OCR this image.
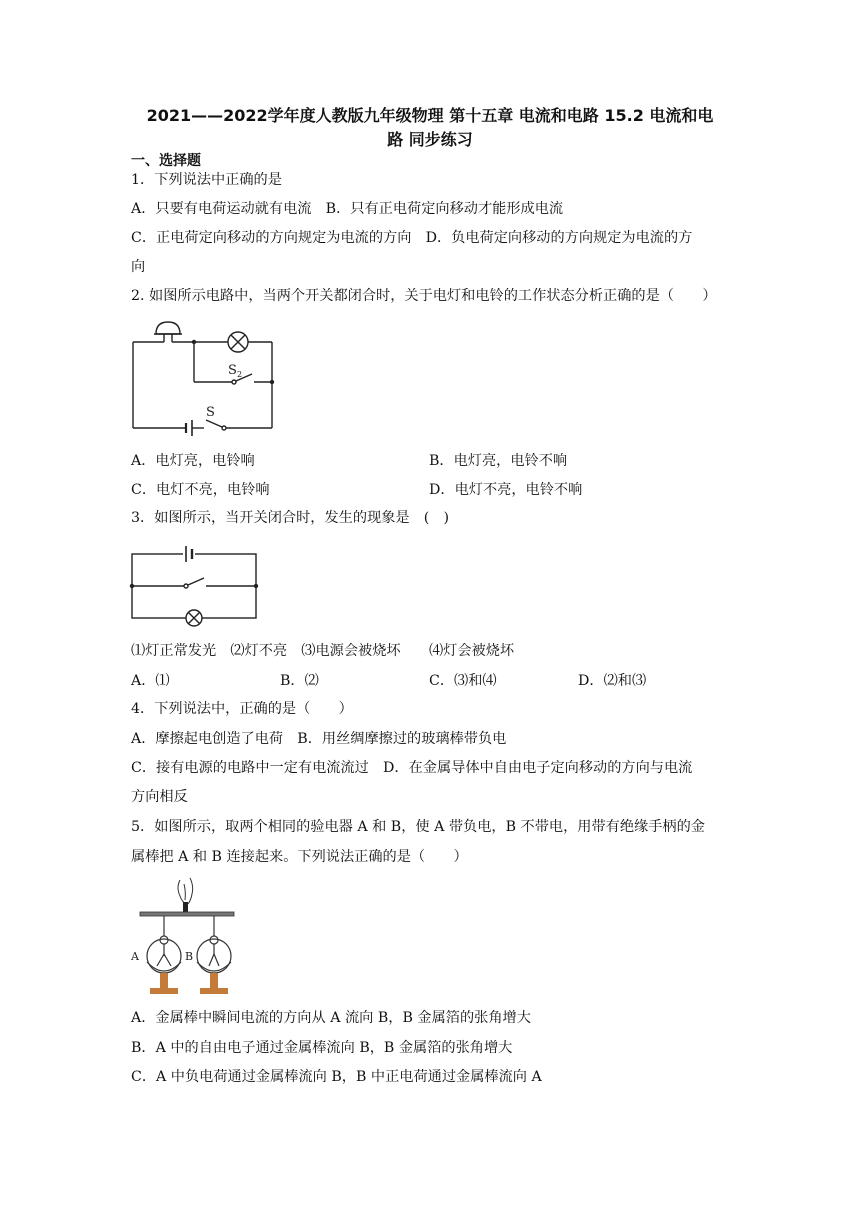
2021——2022学年度人教版九年级物理 第十五章 电流和电路 15.2 电流和电
路 同步练习
一、选择题
1．下列说法中正确的是
A．只要有电荷运动就有电流　B．只有正电荷定向移动才能形成电流
C．正电荷定向移动的方向规定为电流的方向　D．负电荷定向移动的方向规定为电流的方
向
2. 如图所示电路中，当两个开关都闭合时，关于电灯和电铃的工作状态分析正确的是（　　）
S 2
S
A．电灯亮，电铃响	B．电灯亮，电铃不响
C．电灯不亮，电铃响	D．电灯不亮，电铃不响
3．如图所示，当开关闭合时，发生的现象是　(　)
⑴灯正常发光　⑵灯不亮　⑶电源会被烧坏　　⑷灯会被烧坏
A．⑴	B．⑵	C．⑶和⑷	D．⑵和⑶
4．下列说法中，正确的是（　　）
A．摩擦起电创造了电荷　B．用丝绸摩擦过的玻璃棒带负电
C．接有电源的电路中一定有电流流过　D．在金属导体中自由电子定向移动的方向与电流
方向相反
5．如图所示，取两个相同的验电器 A 和 B，使 A 带负电，B 不带电，用带有绝缘手柄的金
属棒把 A 和 B 连接起来。下列说法正确的是（　　）
A	B
A．金属棒中瞬间电流的方向从 A 流向 B，B 金属箔的张角增大
B．A 中的自由电子通过金属棒流向 B，B 金属箔的张角增大
C．A 中负电荷通过金属棒流向 B，B 中正电荷通过金属棒流向 A
